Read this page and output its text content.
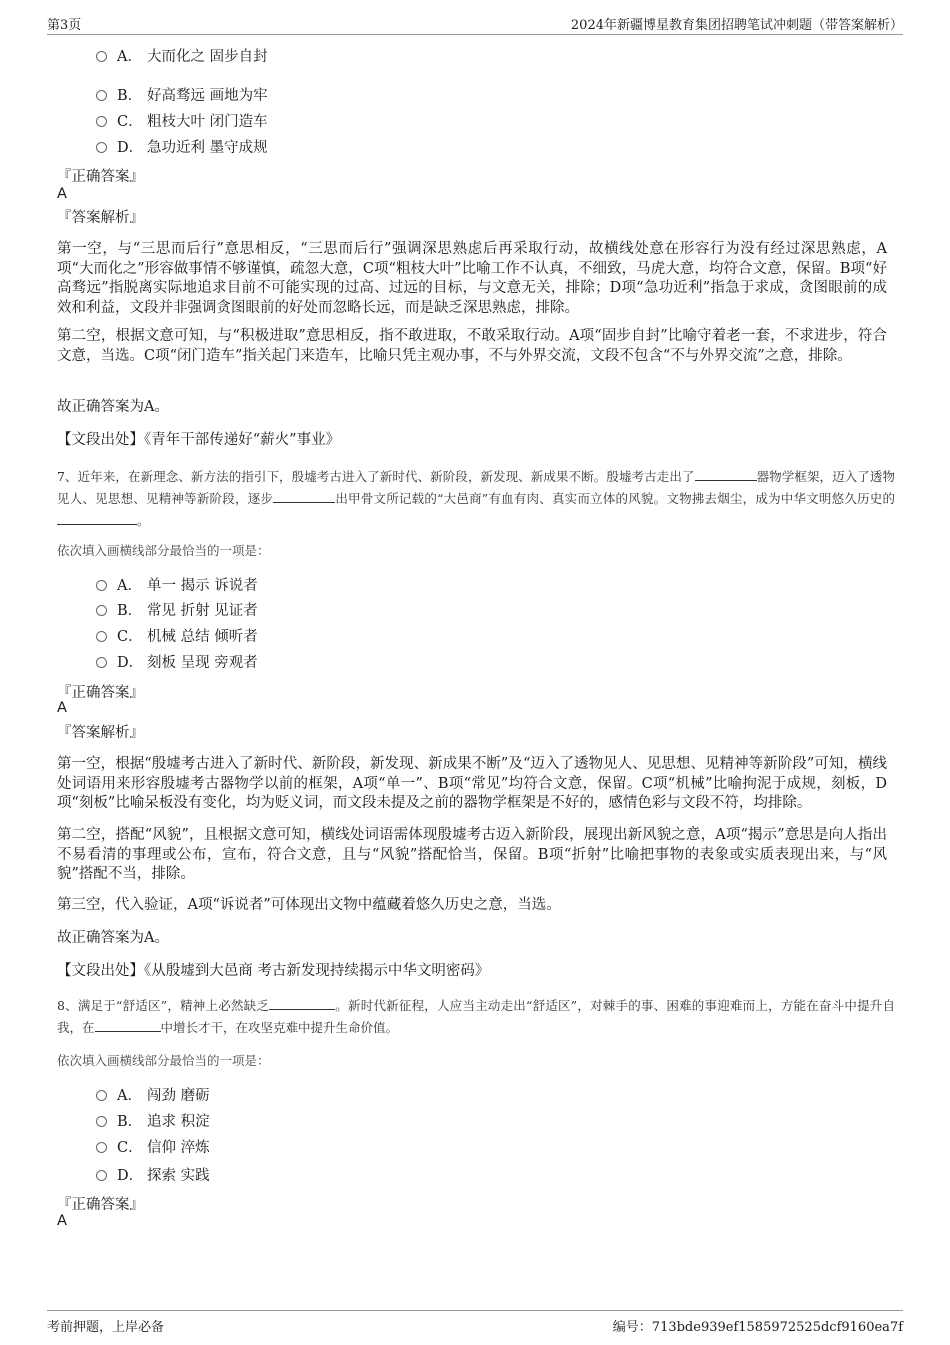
第3页	2024年新疆博星教育集团招聘笔试冲刺题（带答案解析）
A． 大而化之 固步自封
B． 好高骛远 画地为牢
C． 粗枝大叶 闭门造车
D． 急功近利 墨守成规
『正确答案』
A
『答案解析』
第一空，与“三思而后行”意思相反，“三思而后行”强调深思熟虑后再采取行动，故横线处意在形容行为没有经过深思熟虑，A项“大而化之”形容做事情不够谨慎，疏忽大意，C项“粗枝大叶”比喻工作不认真，不细致，马虎大意，均符合文意，保留。B项“好高骛远”指脱离实际地追求目前不可能实现的过高、过远的目标，与文意无关，排除；D项“急功近利”指急于求成，贪图眼前的成效和利益，文段并非强调贪图眼前的好处而忽略长远，而是缺乏深思熟虑，排除。
第二空，根据文意可知，与“积极进取”意思相反，指不敢进取，不敢采取行动。A项“固步自封”比喻守着老一套，不求进步，符合文意，当选。C项“闭门造车”指关起门来造车，比喻只凭主观办事，不与外界交流，文段不包含“不与外界交流”之意，排除。
故正确答案为A。
【文段出处】《青年干部传递好“薪火”事业》
7、近年来，在新理念、新方法的指引下，殷墟考古进入了新时代、新阶段，新发现、新成果不断。殷墟考古走出了	器物学框架，迈入了透物见人、见思想、见精神等新阶段，逐步	出甲骨文所记载的“大邑商”有血有肉、真实而立体的风貌。文物拂去烟尘，成为中华文明悠久历史的。
依次填入画横线部分最恰当的一项是：
A． 单一 揭示 诉说者
B． 常见 折射 见证者
C． 机械 总结 倾听者
D． 刻板 呈现 旁观者
『正确答案』
A
『答案解析』
第一空，根据“殷墟考古进入了新时代、新阶段，新发现、新成果不断”及“迈入了透物见人、见思想、见精神等新阶段”可知，横线处词语用来形容殷墟考古器物学以前的框架，A项“单一”、B项“常见”均符合文意，保留。C项“机械”比喻拘泥于成规，刻板，D项“刻板”比喻呆板没有变化，均为贬义词，而文段未提及之前的器物学框架是不好的，感情色彩与文段不符，均排除。
第二空，搭配“风貌”，且根据文意可知，横线处词语需体现殷墟考古迈入新阶段，展现出新风貌之意，A项“揭示”意思是向人指出不易看清的事理或公布，宣布，符合文意，且与“风貌”搭配恰当，保留。B项“折射”比喻把事物的表象或实质表现出来，与“风貌”搭配不当，排除。
第三空，代入验证，A项“诉说者”可体现出文物中蕴藏着悠久历史之意，当选。
故正确答案为A。
【文段出处】《从殷墟到大邑商 考古新发现持续揭示中华文明密码》
8、满足于“舒适区”，精神上必然缺乏	。新时代新征程，人应当主动走出“舒适区”，对棘手的事、困难的事迎难而上，方能在奋斗中提升自我，在	中增长才干，在攻坚克难中提升生命价值。
依次填入画横线部分最恰当的一项是：
A． 闯劲 磨砺
B． 追求 积淀
C． 信仰 淬炼
D． 探索 实践
『正确答案』
A
考前押题，上岸必备	编号：713bde939ef1585972525dcf9160ea7f
